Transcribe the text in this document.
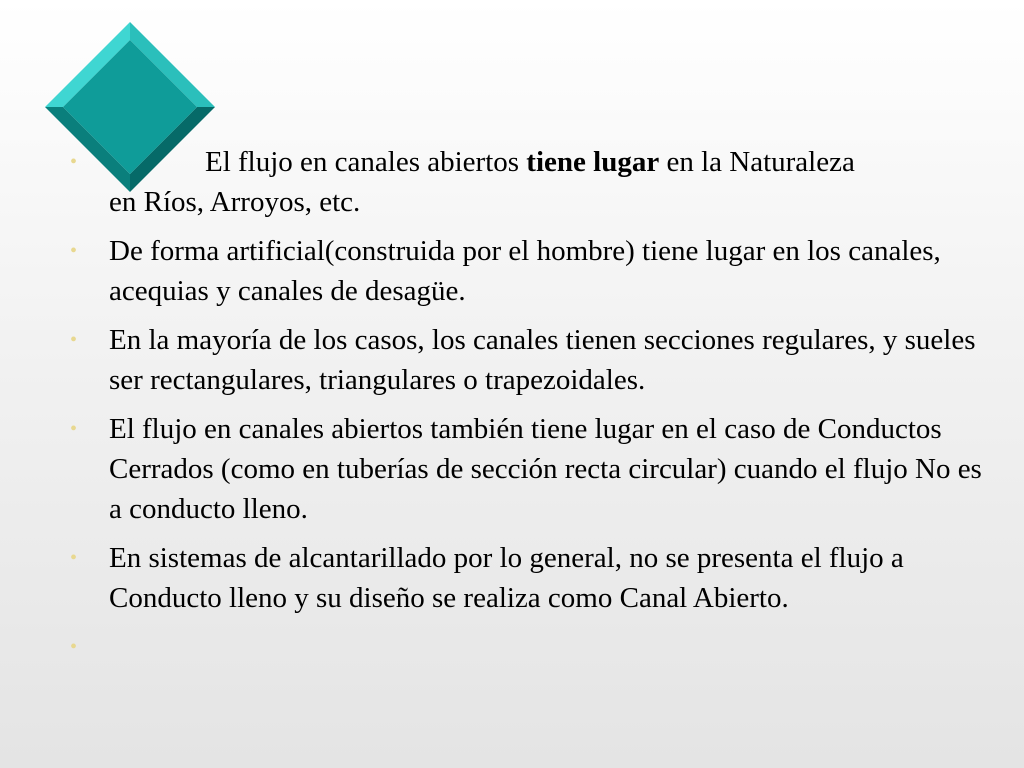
•	El flujo en canales abiertos tiene lugar en la Naturaleza
en Ríos, Arroyos, etc.
• De forma artificial(construida por el hombre) tiene lugar en los canales, acequias y canales de desagüe.
• En la mayoría de los casos, los canales tienen secciones regulares, y sueles ser rectangulares, triangulares o trapezoidales.
• El flujo en canales abiertos también tiene lugar en el caso de Conductos Cerrados (como en tuberías de sección recta circular) cuando el flujo No es a conducto lleno.
• En sistemas de alcantarillado por lo general, no se presenta el flujo a Conducto lleno y su diseño se realiza como Canal Abierto.
•
